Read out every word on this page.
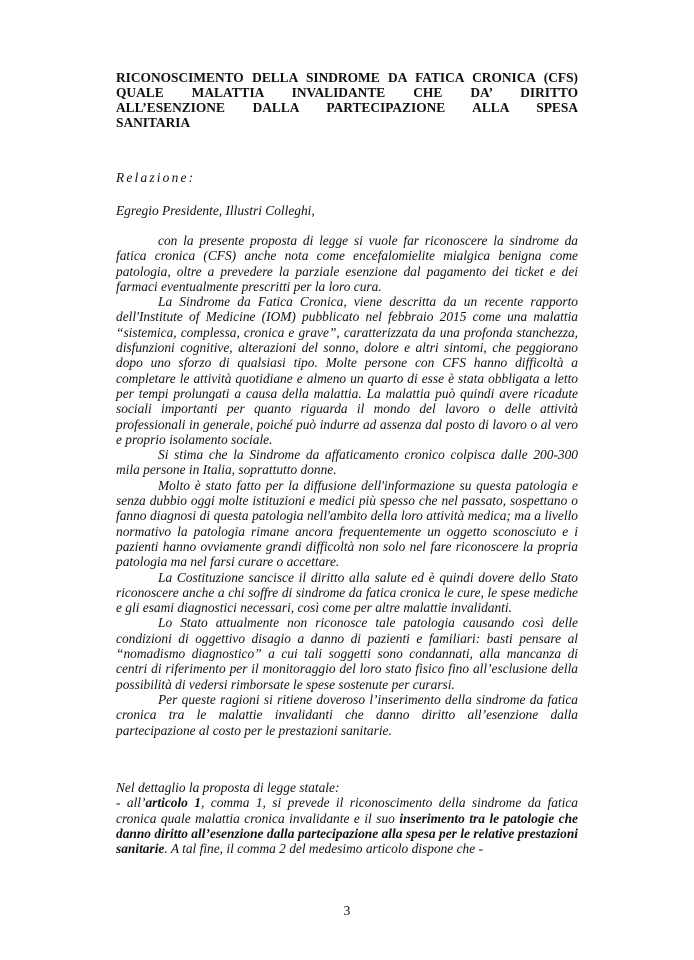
RICONOSCIMENTO DELLA SINDROME DA FATICA CRONICA (CFS)
QUALE MALATTIA INVALIDANTE CHE DA’ DIRITTO
ALL’ESENZIONE DALLA PARTECIPAZIONE ALLA SPESA
SANITARIA
Relazione:
Egregio Presidente, Illustri Colleghi,

con la presente proposta di legge si vuole far riconoscere la sindrome da fatica cronica (CFS) anche nota come encefalomielite mialgica benigna come patologia, oltre a prevedere la parziale esenzione dal pagamento dei ticket e dei farmaci eventualmente prescritti per la loro cura.

La Sindrome da Fatica Cronica, viene descritta da un recente rapporto dell'Institute of Medicine (IOM) pubblicato nel febbraio 2015 come una malattia “sistemica, complessa, cronica e grave”, caratterizzata da una profonda stanchezza, disfunzioni cognitive, alterazioni del sonno, dolore e altri sintomi, che peggiorano dopo uno sforzo di qualsiasi tipo. Molte persone con CFS hanno difficoltà a completare le attività quotidiane e almeno un quarto di esse è stata obbligata a letto per tempi prolungati a causa della malattia. La malattia può quindi avere ricadute sociali importanti per quanto riguarda il mondo del lavoro o delle attività professionali in generale, poiché può indurre ad assenza dal posto di lavoro o al vero e proprio isolamento sociale.

Si stima che la Sindrome da affaticamento cronico colpisca dalle 200-300 mila persone in Italia, soprattutto donne.

Molto è stato fatto per la diffusione dell'informazione su questa patologia e senza dubbio oggi molte istituzioni e medici più spesso che nel passato, sospettano o fanno diagnosi di questa patologia nell'ambito della loro attività medica; ma a livello normativo la patologia rimane ancora frequentemente un oggetto sconosciuto e i pazienti hanno ovviamente grandi difficoltà non solo nel fare riconoscere la propria patologia ma nel farsi curare o accettare.

La Costituzione sancisce il diritto alla salute ed è quindi dovere dello Stato riconoscere anche a chi soffre di sindrome da fatica cronica le cure, le spese mediche e gli esami diagnostici necessari, così come per altre malattie invalidanti.

Lo Stato attualmente non riconosce tale patologia causando così delle condizioni di oggettivo disagio a danno di pazienti e familiari: basti pensare al “nomadismo diagnostico” a cui tali soggetti sono condannati, alla mancanza di centri di riferimento per il monitoraggio del loro stato fisico fino all’esclusione della possibilità di vedersi rimborsate le spese sostenute per curarsi.

Per queste ragioni si ritiene doveroso l’inserimento della sindrome da fatica cronica tra le malattie invalidanti che danno diritto all’esenzione dalla partecipazione al costo per le prestazioni sanitarie.

Nel dettaglio la proposta di legge statale:

- all’articolo 1, comma 1, si prevede il riconoscimento della sindrome da fatica cronica quale malattia cronica invalidante e il suo inserimento tra le patologie che danno diritto all’esenzione dalla partecipazione alla spesa per le relative prestazioni sanitarie. A tal fine, il comma 2 del medesimo articolo dispone che -

3
